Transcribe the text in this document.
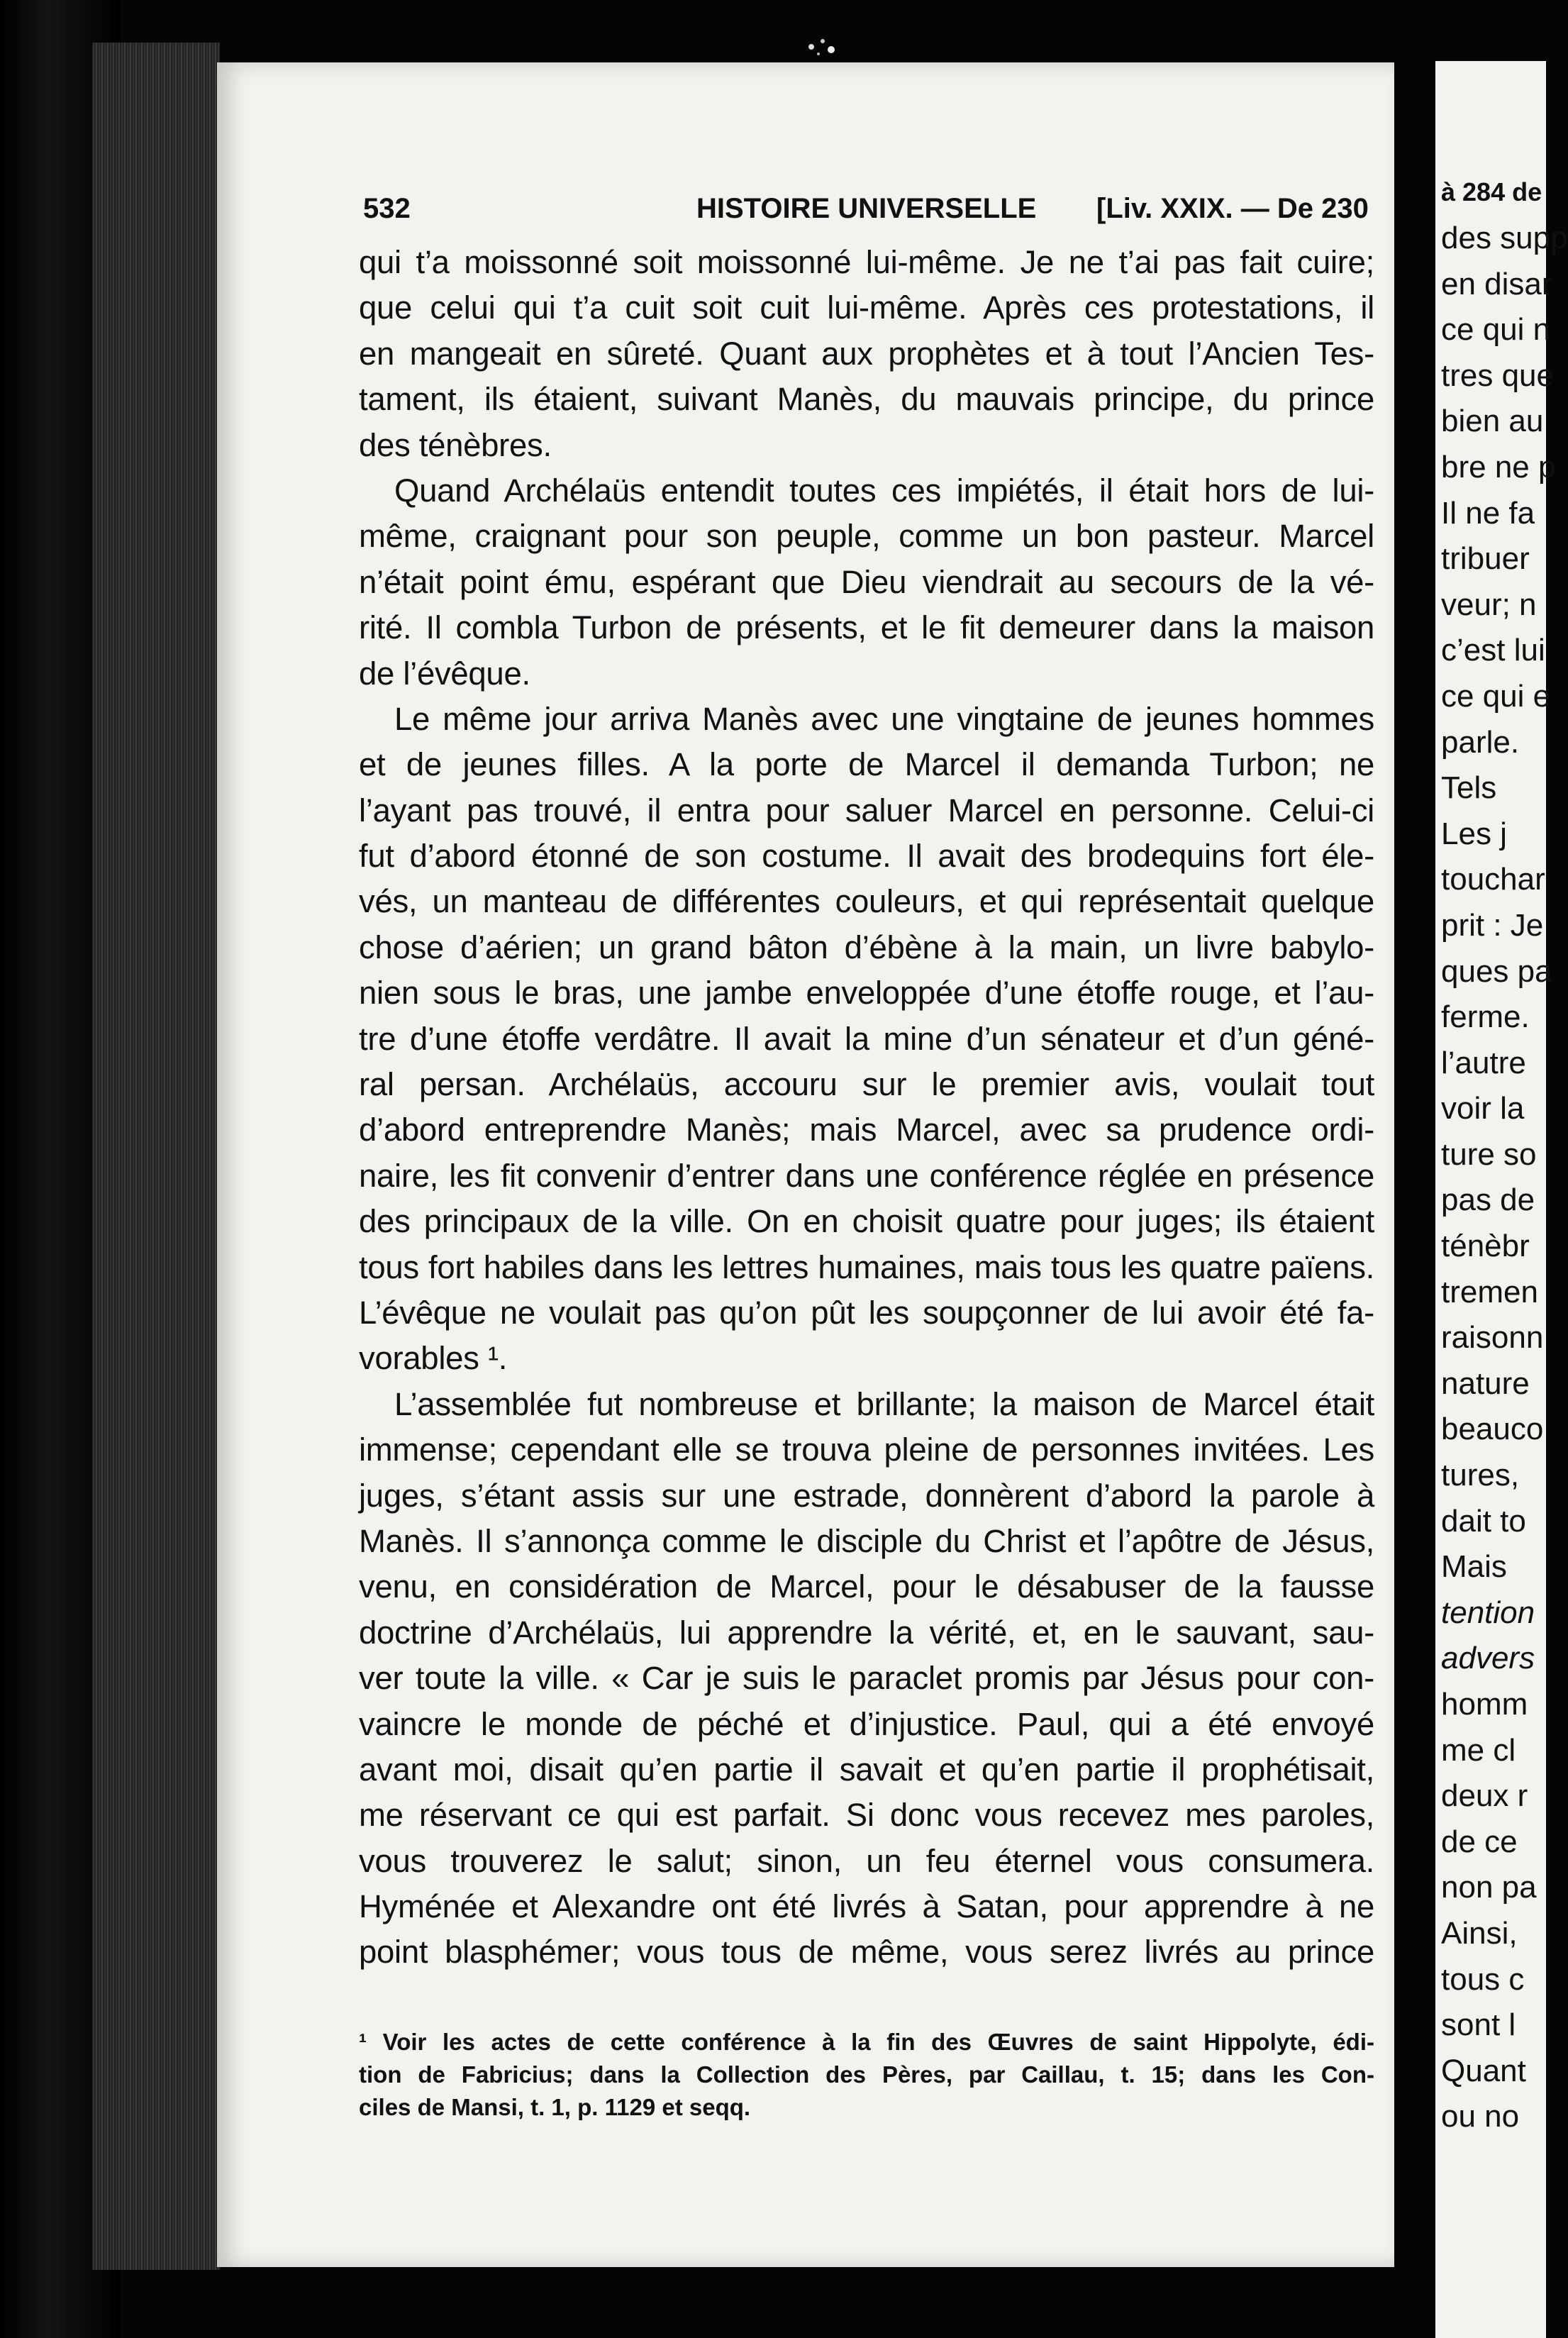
532	HISTOIRE UNIVERSELLE [Liv. XXIX. — De 230
qui t’a moissonné soit moissonné lui-même. Je ne t’ai pas fait cuire;
que celui qui t’a cuit soit cuit lui-même. Après ces protestations, il
en mangeait en sûreté. Quant aux prophètes et à tout l’Ancien Tes-
tament, ils étaient, suivant Manès, du mauvais principe, du prince
des ténèbres.
Quand Archélaüs entendit toutes ces impiétés, il était hors de lui-
même, craignant pour son peuple, comme un bon pasteur. Marcel
n’était point ému, espérant que Dieu viendrait au secours de la vé-
rité. Il combla Turbon de présents, et le fit demeurer dans la maison
de l’évêque.
Le même jour arriva Manès avec une vingtaine de jeunes hommes
et de jeunes filles. A la porte de Marcel il demanda Turbon; ne
l’ayant pas trouvé, il entra pour saluer Marcel en personne. Celui-ci
fut d’abord étonné de son costume. Il avait des brodequins fort éle-
vés, un manteau de différentes couleurs, et qui représentait quelque
chose d’aérien; un grand bâton d’ébène à la main, un livre babylo-
nien sous le bras, une jambe enveloppée d’une étoffe rouge, et l’au-
tre d’une étoffe verdâtre. Il avait la mine d’un sénateur et d’un géné-
ral persan. Archélaüs, accouru sur le premier avis, voulait tout
d’abord entreprendre Manès; mais Marcel, avec sa prudence ordi-
naire, les fit convenir d’entrer dans une conférence réglée en présence
des principaux de la ville. On en choisit quatre pour juges; ils étaient
tous fort habiles dans les lettres humaines, mais tous les quatre païens.
L’évêque ne voulait pas qu’on pût les soupçonner de lui avoir été fa-
vorables ¹.
L’assemblée fut nombreuse et brillante; la maison de Marcel était
immense; cependant elle se trouva pleine de personnes invitées. Les
juges, s’étant assis sur une estrade, donnèrent d’abord la parole à
Manès. Il s’annonça comme le disciple du Christ et l’apôtre de Jésus,
venu, en considération de Marcel, pour le désabuser de la fausse
doctrine d’Archélaüs, lui apprendre la vérité, et, en le sauvant, sau-
ver toute la ville. « Car je suis le paraclet promis par Jésus pour con-
vaincre le monde de péché et d’injustice. Paul, qui a été envoyé
avant moi, disait qu’en partie il savait et qu’en partie il prophétisait,
me réservant ce qui est parfait. Si donc vous recevez mes paroles,
vous trouverez le salut; sinon, un feu éternel vous consumera.
Hyménée et Alexandre ont été livrés à Satan, pour apprendre à ne
point blasphémer; vous tous de même, vous serez livrés au prince
¹ Voir les actes de cette conférence à la fin des Œuvres de saint Hippolyte, édi-
tion de Fabricius; dans la Collection des Pères, par Caillau, t. 15; dans les Con-
ciles de Mansi, t. 1, p. 1129 et seqq.
à 284 de
des supp
en disar
ce qui n
tres que
bien au
bre ne p
Il ne fa
tribuer
veur; n
c’est lui
ce qui e
parle.
Tels
Les j
touchar
prit : Je
ques pa
ferme.
l’autre
voir la
ture so
pas de
ténèbr
tremen
raisonn
nature
beauco
tures,
dait to
Mais
tention
advers
homm
me cl
deux r
de ce
non pa
Ainsi,
tous c
sont l
Quant
ou no
